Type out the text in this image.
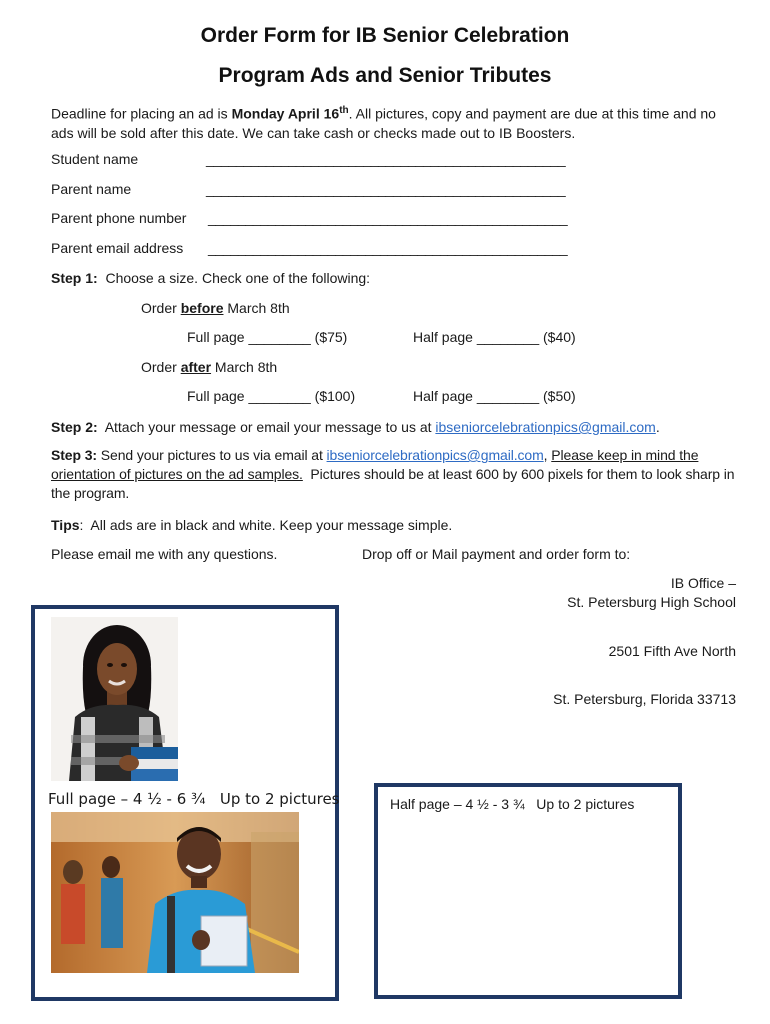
Order Form for IB Senior Celebration
Program Ads and Senior Tributes
Deadline for placing an ad is Monday April 16th. All pictures, copy and payment are due at this time and no ads will be sold after this date. We can take cash or checks made out to IB Boosters.
Student name	________________________________________________
Parent name	________________________________________________
Parent phone number ________________________________________________
Parent email address ________________________________________________
Step 1:  Choose a size. Check one of the following:
Order before March 8th
Full page ________ ($75)	Half page ________ ($40)
Order after March 8th
Full page ________ ($100)	Half page ________ ($50)
Step 2:  Attach your message or email your message to us at ibseniorcelebrationpics@gmail.com.
Step 3: Send your pictures to us via email at ibseniorcelebrationpics@gmail.com, Please keep in mind the orientation of pictures on the ad samples.  Pictures should be at least 600 by 600 pixels for them to look sharp in the program.
Tips:  All ads are in black and white. Keep your message simple.
Please email me with any questions.	Drop off or Mail payment and order form to:
IB Office –
St. Petersburg High School
2501 Fifth Ave North
St. Petersburg, Florida 33713
Full page – 4 ½ - 6 ¾   Up to 2 pictures	Half page – 4 ½ - 3 ¾   Up to 2 pictures
